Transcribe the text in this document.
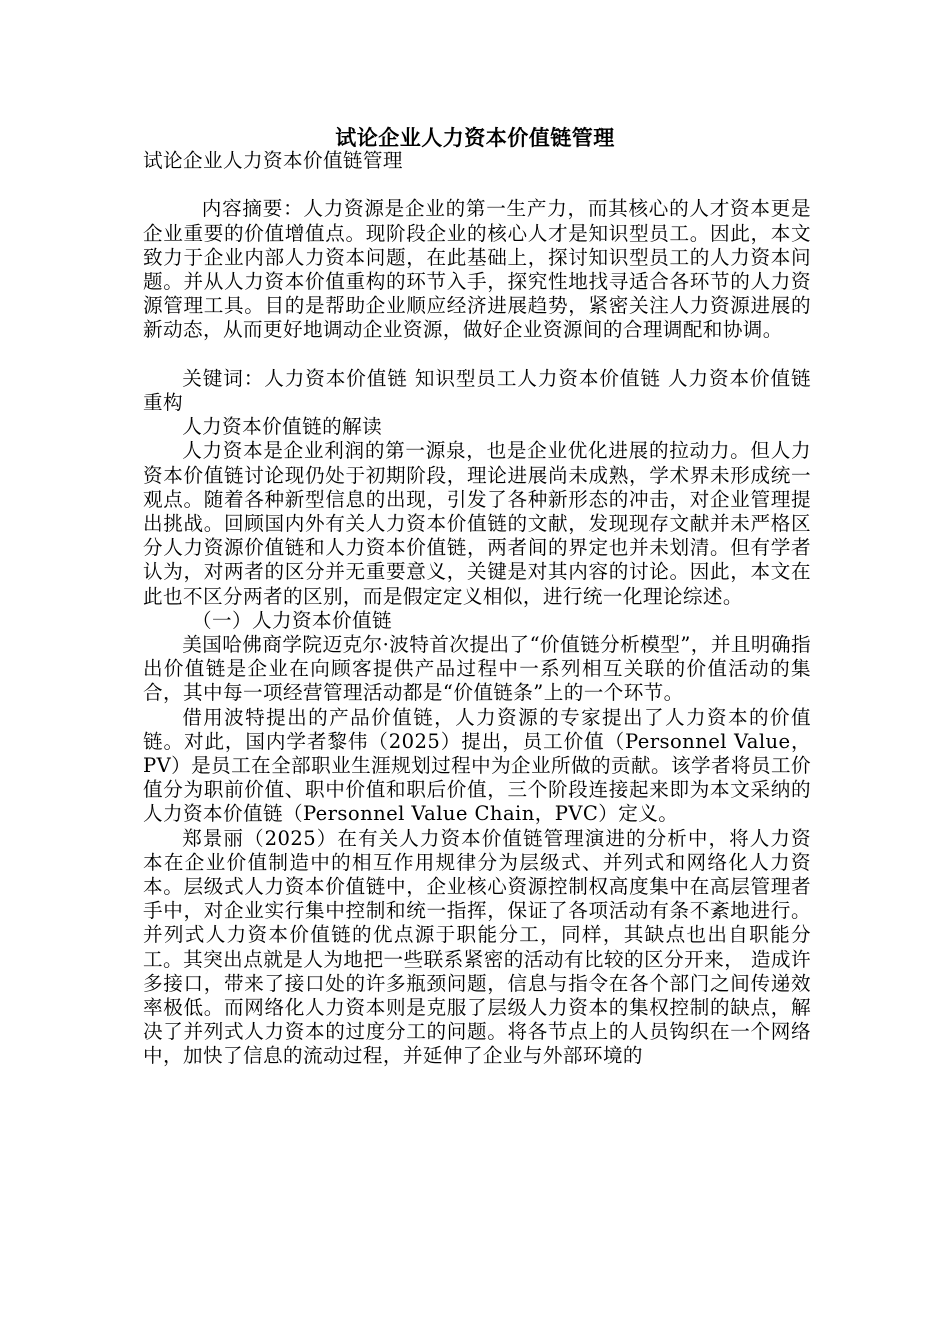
试论企业人力资本价值链管理

试论企业人力资本价值链管理

内容摘要：人力资源是企业的第一生产力，而其核心的人才资本更是企业重要的价值增值点。现阶段企业的核心人才是知识型员工。因此，本文致力于企业内部人力资本问题，在此基础上，探讨知识型员工的人力资本问题。并从人力资本价值重构的环节入手，探究性地找寻适合各环节的人力资源管理工具。目的是帮助企业顺应经济进展趋势，紧密关注人力资源进展的新动态，从而更好地调动企业资源，做好企业资源间的合理调配和协调。

关键词：人力资本价值链 知识型员工人力资本价值链 人力资本价值链重构

人力资本价值链的解读

人力资本是企业利润的第一源泉，也是企业优化进展的拉动力。但人力资本价值链讨论现仍处于初期阶段，理论进展尚未成熟，学术界未形成统一观点。随着各种新型信息的出现，引发了各种新形态的冲击，对企业管理提出挑战。回顾国内外有关人力资本价值链的文献，发现现存文献并未严格区分人力资源价值链和人力资本价值链，两者间的界定也并未划清。但有学者认为，对两者的区分并无重要意义，关键是对其内容的讨论。因此，本文在此也不区分两者的区别，而是假定定义相似，进行统一化理论综述。

（一）人力资本价值链

美国哈佛商学院迈克尔·波特首次提出了“价值链分析模型”，并且明确指出价值链是企业在向顾客提供产品过程中一系列相互关联的价值活动的集合，其中每一项经营管理活动都是“价值链条”上的一个环节。

借用波特提出的产品价值链，人力资源的专家提出了人力资本的价值链。对此，国内学者黎伟（2025）提出，员工价值（Personnel Value， PV）是员工在全部职业生涯规划过程中为企业所做的贡献。该学者将员工价值分为职前价值、职中价值和职后价值，三个阶段连接起来即为本文采纳的人力资本价值链（Personnel Value Chain，PVC）定义。

郑景丽（2025）在有关人力资本价值链管理演进的分析中，将人力资本在企业价值制造中的相互作用规律分为层级式、并列式和网络化人力资本。层级式人力资本价值链中，企业核心资源控制权高度集中在高层管理者手中，对企业实行集中控制和统一指挥，保证了各项活动有条不紊地进行。并列式人力资本价值链的优点源于职能分工，同样，其缺点也出自职能分工。其突出点就是人为地把一些联系紧密的活动有比较的区分开来， 造成许多接口，带来了接口处的许多瓶颈问题，信息与指令在各个部门之间传递效率极低。而网络化人力资本则是克服了层级人力资本的集权控制的缺点，解决了并列式人力资本的过度分工的问题。将各节点上的人员钩织在一个网络中，加快了信息的流动过程，并延伸了企业与外部环境的
